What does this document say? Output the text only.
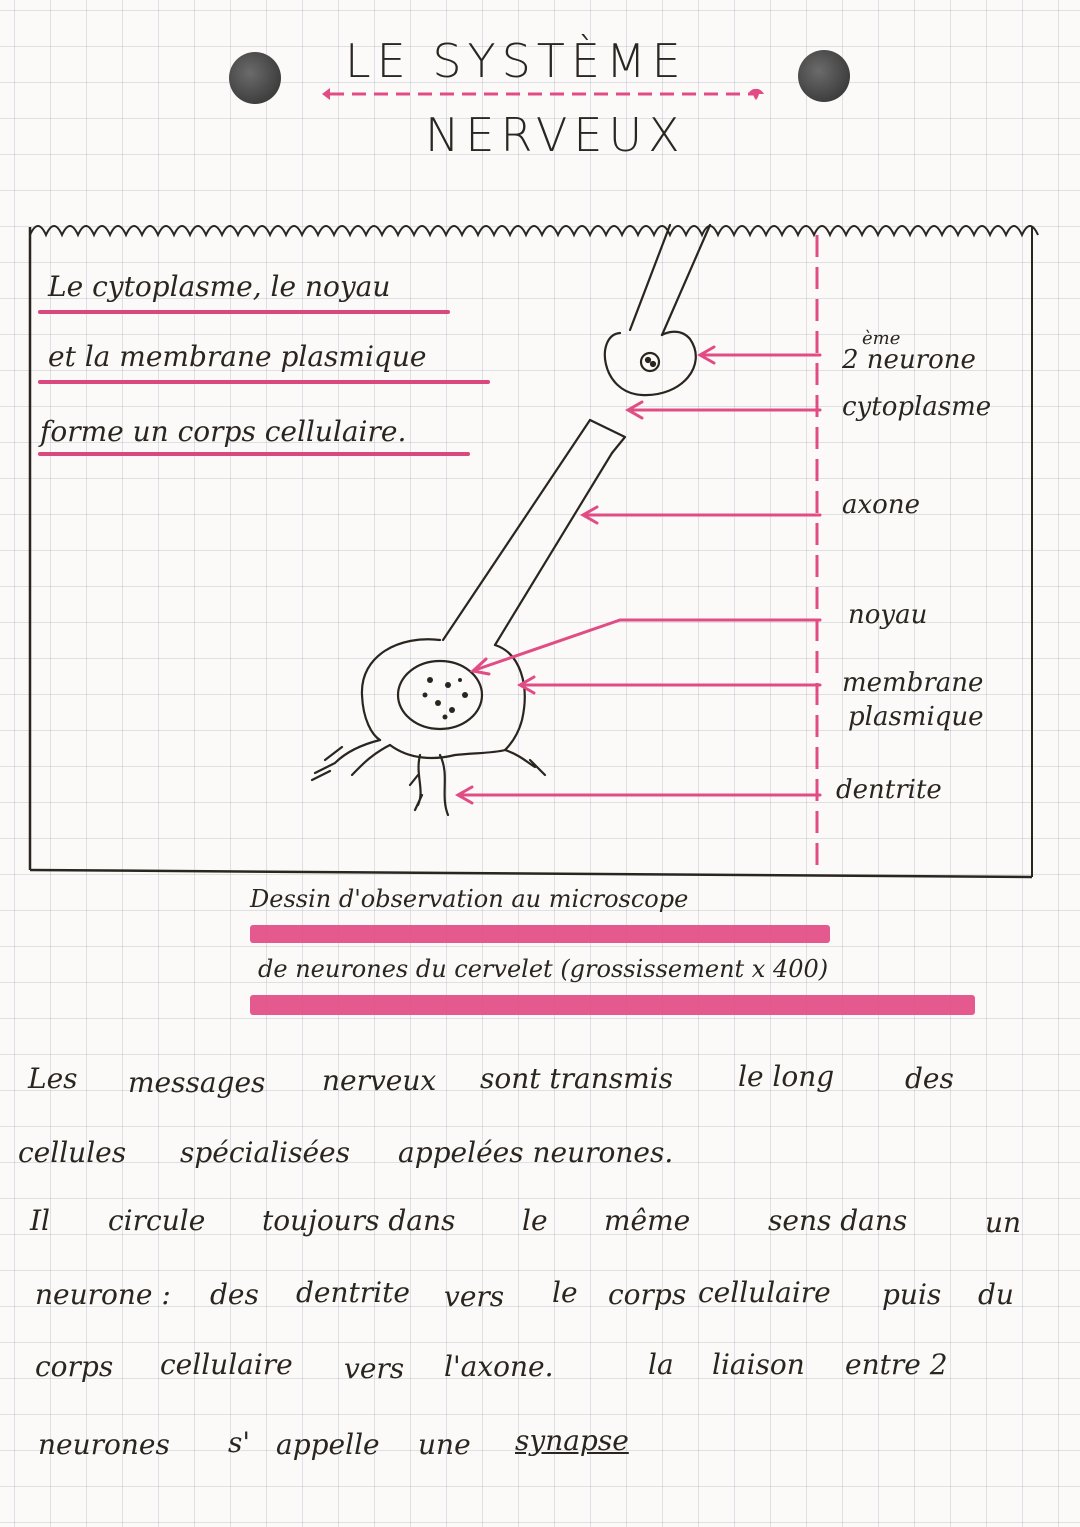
LE SYSTÈME
NERVEUX
Le cytoplasme, le noyau
et la membrane plasmique
forme un corps cellulaire.
ème
2 neurone
cytoplasme
axone
noyau
membrane
plasmique
dentrite
Dessin d'observation au microscope
de neurones du cervelet (grossissement x 400)
Les messages nerveux sont transmis le long	des
cellules spécialisées appelées neurones.
Il circule toujours dans le même	sens dans	un
neurone : des dentrite vers le corps cellulaire puis du
corps cellulaire vers l'axone.	la liaison entre 2
neurones s' appelle une synapse
